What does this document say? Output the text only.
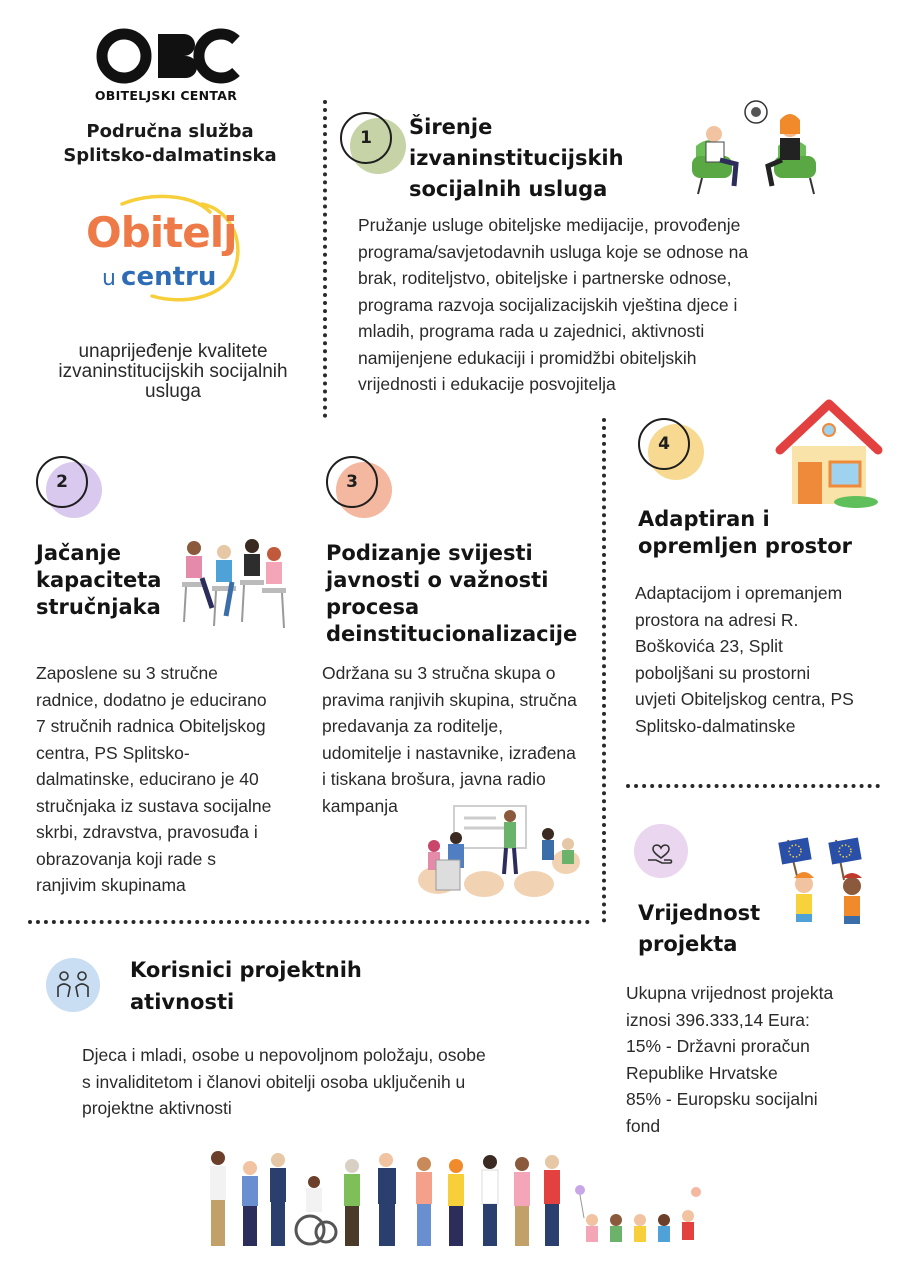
OBITELJSKI CENTAR
Područna služba
Splitsko-dalmatinska
Obitelj
u centru
unaprijeđenje kvalitete
izvaninstitucijskih socijalnih
usluga
1	Širenje
izvaninstitucijskih
socijalnih usluga
Pružanje usluge obiteljske medijacije, provođenje
programa/savjetodavnih usluga koje se odnose na
brak, roditeljstvo, obiteljske i partnerske odnose,
programa razvoja socijalizacijskih vještina djece i
mladih, programa rada u zajednici, aktivnosti
namijenjene edukaciji i promidžbi obiteljskih
vrijednosti i edukacije posvojitelja
2
Jačanje
kapaciteta
stručnjaka
Zaposlene su 3 stručne
radnice, dodatno je educirano
7 stručnih radnica Obiteljskog
centra, PS Splitsko-
dalmatinske, educirano je 40
stručnjaka iz sustava socijalne
skrbi, zdravstva, pravosuđa i
obrazovanja koji rade s
ranjivim skupinama
3
Podizanje svijesti
javnosti o važnosti
procesa
deinstitucionalizacije
Održana su 3 stručna skupa o
pravima ranjivih skupina, stručna
predavanja za roditelje,
udomitelje i nastavnike, izrađena
i tiskana brošura, javna radio
kampanja
4
Adaptiran i
opremljen prostor
Adaptacijom i opremanjem
prostora na adresi R.
Boškovića 23, Split
poboljšani su prostorni
uvjeti Obiteljskog centra, PS
Splitsko-dalmatinske
Vrijednost
projekta
Ukupna vrijednost projekta
iznosi 396.333,14 Eura:
15% - Državni proračun
Republike Hrvatske
85% - Europsku socijalni
fond
Korisnici projektnih
ativnosti
Djeca i mladi, osobe u nepovoljnom položaju, osobe
s invaliditetom i članovi obitelji osoba uključenih u
projektne aktivnosti
